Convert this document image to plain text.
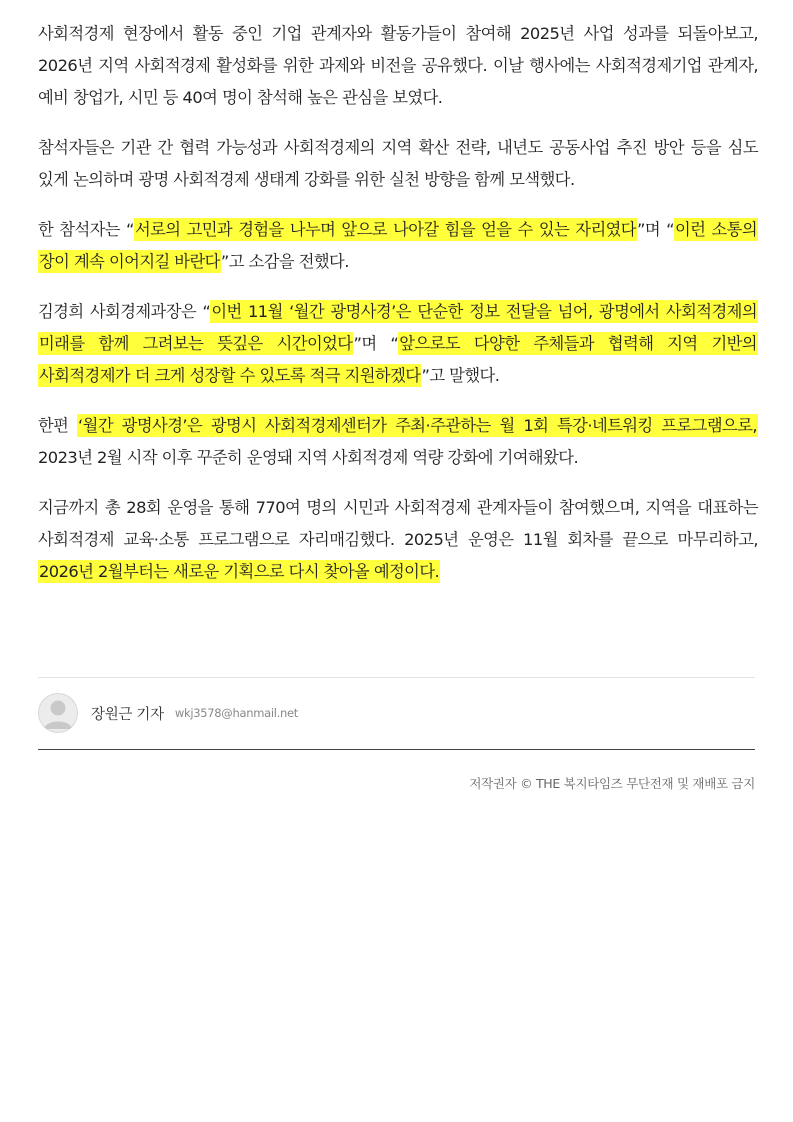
사회적경제 현장에서 활동 중인 기업 관계자와 활동가들이 참여해 2025년 사업 성과를 되돌아보고, 2026년 지역 사회적경제 활성화를 위한 과제와 비전을 공유했다. 이날 행사에는 사회적경제기업 관계자, 예비 창업가, 시민 등 40여 명이 참석해 높은 관심을 보였다.

참석자들은 기관 간 협력 가능성과 사회적경제의 지역 확산 전략, 내년도 공동사업 추진 방안 등을 심도 있게 논의하며 광명 사회적경제 생태계 강화를 위한 실천 방향을 함께 모색했다.

한 참석자는 “서로의 고민과 경험을 나누며 앞으로 나아갈 힘을 얻을 수 있는 자리였다”며 “이런 소통의 장이 계속 이어지길 바란다”고 소감을 전했다.

김경희 사회경제과장은 “이번 11월 ‘월간 광명사경’은 단순한 정보 전달을 넘어, 광명에서 사회적경제의 미래를 함께 그려보는 뜻깊은 시간이었다”며 “앞으로도 다양한 주체들과 협력해 지역 기반의 사회적경제가 더 크게 성장할 수 있도록 적극 지원하겠다”고 말했다.

한편 ‘월간 광명사경’은 광명시 사회적경제센터가 주최·주관하는 월 1회 특강·네트워킹 프로그램으로, 2023년 2월 시작 이후 꾸준히 운영돼 지역 사회적경제 역량 강화에 기여해왔다.

지금까지 총 28회 운영을 통해 770여 명의 시민과 사회적경제 관계자들이 참여했으며, 지역을 대표하는 사회적경제 교육·소통 프로그램으로 자리매김했다. 2025년 운영은 11월 회차를 끝으로 마무리하고, 2026년 2월부터는 새로운 기획으로 다시 찾아올 예정이다.

장원근 기자 wkj3578@hanmail.net
저작권자 © THE 복지타임즈 무단전재 및 재배포 금지
